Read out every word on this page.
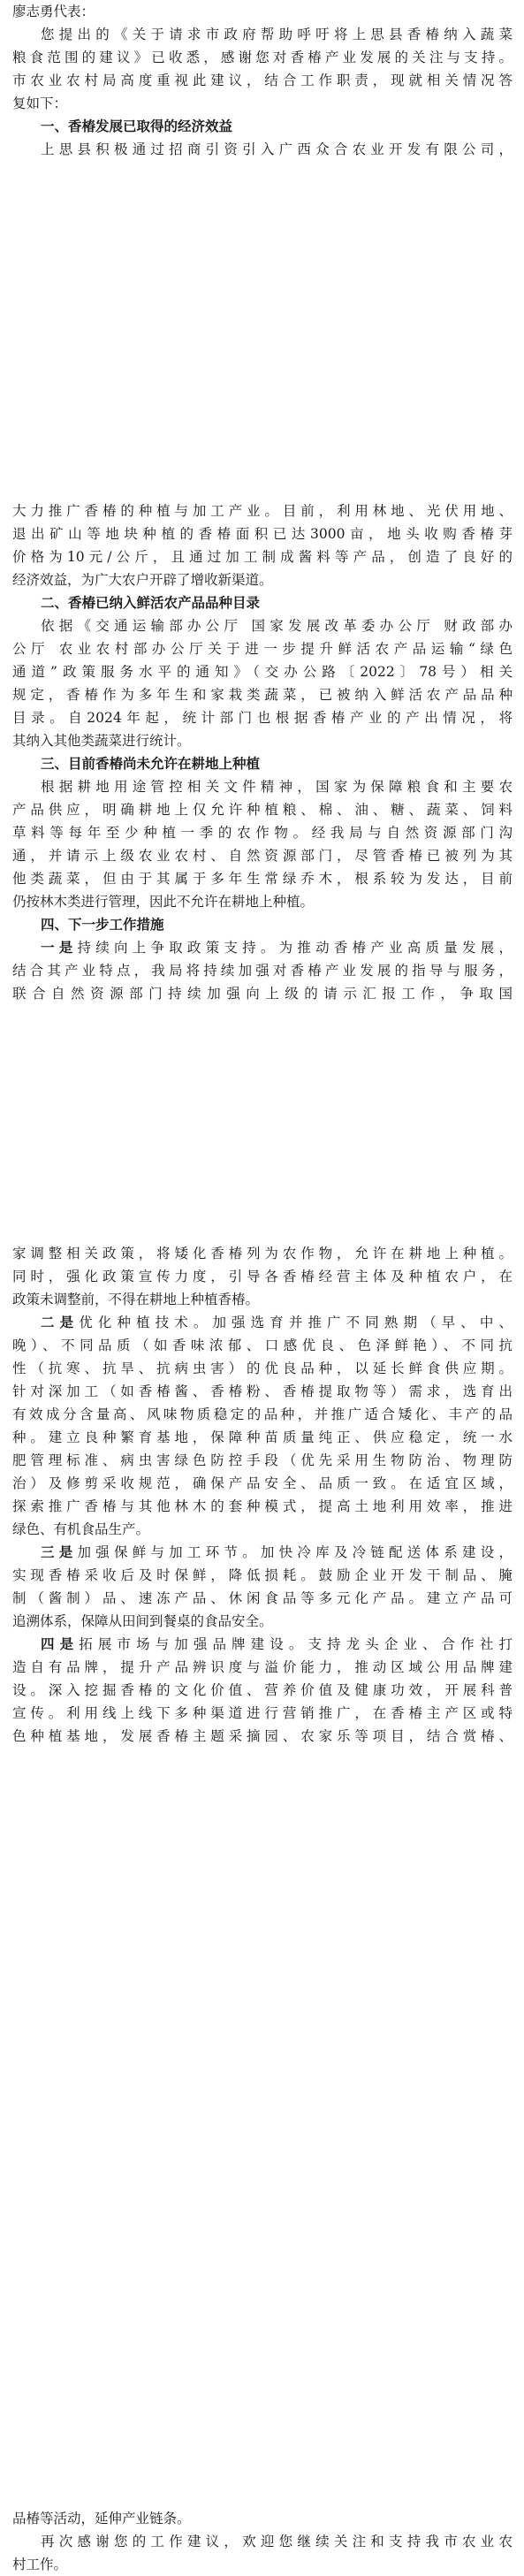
廖志勇代表：
您提出的《关于请求市政府帮助呼吁将上思县香椿纳入蔬菜
粮食范围的建议》已收悉，感谢您对香椿产业发展的关注与支持。
市农业农村局高度重视此建议，结合工作职责，现就相关情况答
复如下：
一、香椿发展已取得的经济效益
上思县积极通过招商引资引入广西众合农业开发有限公司，
大力推广香椿的种植与加工产业。目前，利用林地、光伏用地、
退出矿山等地块种植的香椿面积已达3000亩，地头收购香椿芽
价格为10元/公斤，且通过加工制成酱料等产品，创造了良好的
经济效益，为广大农户开辟了增收新渠道。
二、香椿已纳入鲜活农产品品种目录
依据《交通运输部办公厅 国家发展改革委办公厅 财政部办
公厅 农业农村部办公厅关于进一步提升鲜活农产品运输“绿色
通道”政策服务水平的通知》（交办公路〔2022〕78号）相关
规定，香椿作为多年生和家栽类蔬菜，已被纳入鲜活农产品品种
目录。自2024年起，统计部门也根据香椿产业的产出情况，将
其纳入其他类蔬菜进行统计。
三、目前香椿尚未允许在耕地上种植
根据耕地用途管控相关文件精神，国家为保障粮食和主要农
产品供应，明确耕地上仅允许种植粮、棉、油、糖、蔬菜、饲料
草料等每年至少种植一季的农作物。经我局与自然资源部门沟
通，并请示上级农业农村、自然资源部门，尽管香椿已被列为其
他类蔬菜，但由于其属于多年生常绿乔木，根系较为发达，目前
仍按林木类进行管理，因此不允许在耕地上种植。
四、下一步工作措施
一是持续向上争取政策支持。为推动香椿产业高质量发展，
结合其产业特点，我局将持续加强对香椿产业发展的指导与服务，
联合自然资源部门持续加强向上级的请示汇报工作，争取国
家调整相关政策，将矮化香椿列为农作物，允许在耕地上种植。
同时，强化政策宣传力度，引导各香椿经营主体及种植农户，在
政策未调整前，不得在耕地上种植香椿。
二是优化种植技术。加强选育并推广不同熟期（早、中、
晚）、不同品质（如香味浓郁、口感优良、色泽鲜艳）、不同抗
性（抗寒、抗旱、抗病虫害）的优良品种，以延长鲜食供应期。
针对深加工（如香椿酱、香椿粉、香椿提取物等）需求，选育出
有效成分含量高、风味物质稳定的品种，并推广适合矮化、丰产的品
种。建立良种繁育基地，保障种苗质量纯正、供应稳定，统一水
肥管理标准、病虫害绿色防控手段（优先采用生物防治、物理防
治）及修剪采收规范，确保产品安全、品质一致。在适宜区域，
探索推广香椿与其他林木的套种模式，提高土地利用效率，推进
绿色、有机食品生产。
三是加强保鲜与加工环节。加快冷库及冷链配送体系建设，
实现香椿采收后及时保鲜，降低损耗。鼓励企业开发干制品、腌
制（酱制）品、速冻产品、休闲食品等多元化产品。建立产品可
追溯体系，保障从田间到餐桌的食品安全。
四是拓展市场与加强品牌建设。支持龙头企业、合作社打
造自有品牌，提升产品辨识度与溢价能力，推动区域公用品牌建
设。深入挖掘香椿的文化价值、营养价值及健康功效，开展科普
宣传。利用线上线下多种渠道进行营销推广，在香椿主产区或特
色种植基地，发展香椿主题采摘园、农家乐等项目，结合赏椿、
品椿等活动，延伸产业链条。
再次感谢您的工作建议，欢迎您继续关注和支持我市农业农
村工作。
